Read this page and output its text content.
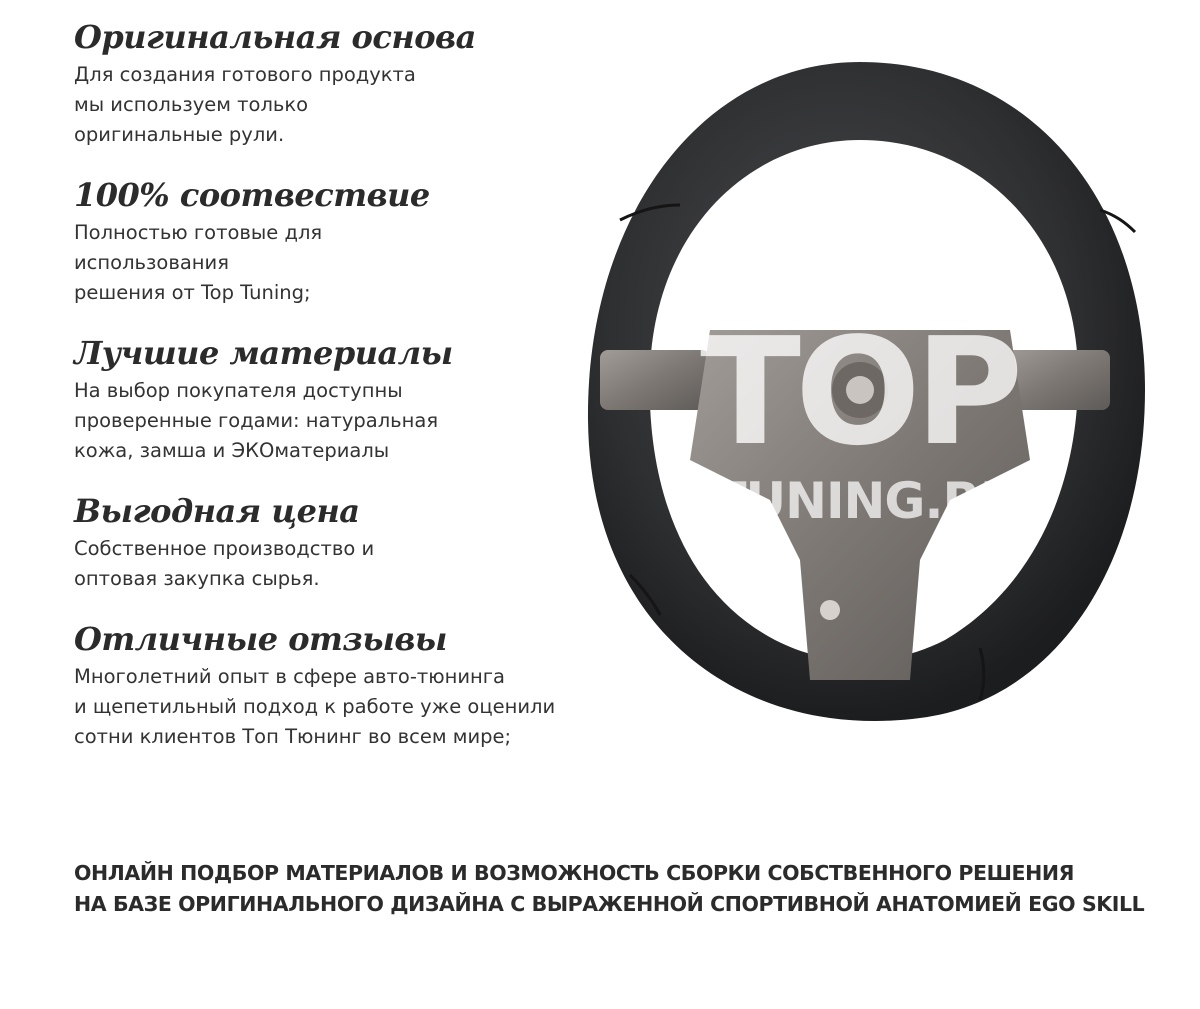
Оригинальная основа
Для создания готового продукта
мы используем только
оригинальные рули.
100% соотвествие
Полностью готовые для
использования
решения от Top Tuning;
Лучшие материалы
На выбор покупателя доступны
проверенные годами: натуральная
кожа, замша и ЭКОматериалы
Выгодная цена
Собственное производство и
оптовая закупка сырья.
Отличные отзывы
Многолетний опыт в сфере авто-тюнинга
и щепетильный подход к работе уже оценили
сотни клиентов Топ Тюнинг во всем мире;
TOP
-TUNING.RU
ОНЛАЙН ПОДБОР МАТЕРИАЛОВ И ВОЗМОЖНОСТЬ СБОРКИ СОБСТВЕННОГО РЕШЕНИЯ
НА БАЗЕ ОРИГИНАЛЬНОГО ДИЗАЙНА С ВЫРАЖЕННОЙ СПОРТИВНОЙ АНАТОМИЕЙ EGO SKILL
